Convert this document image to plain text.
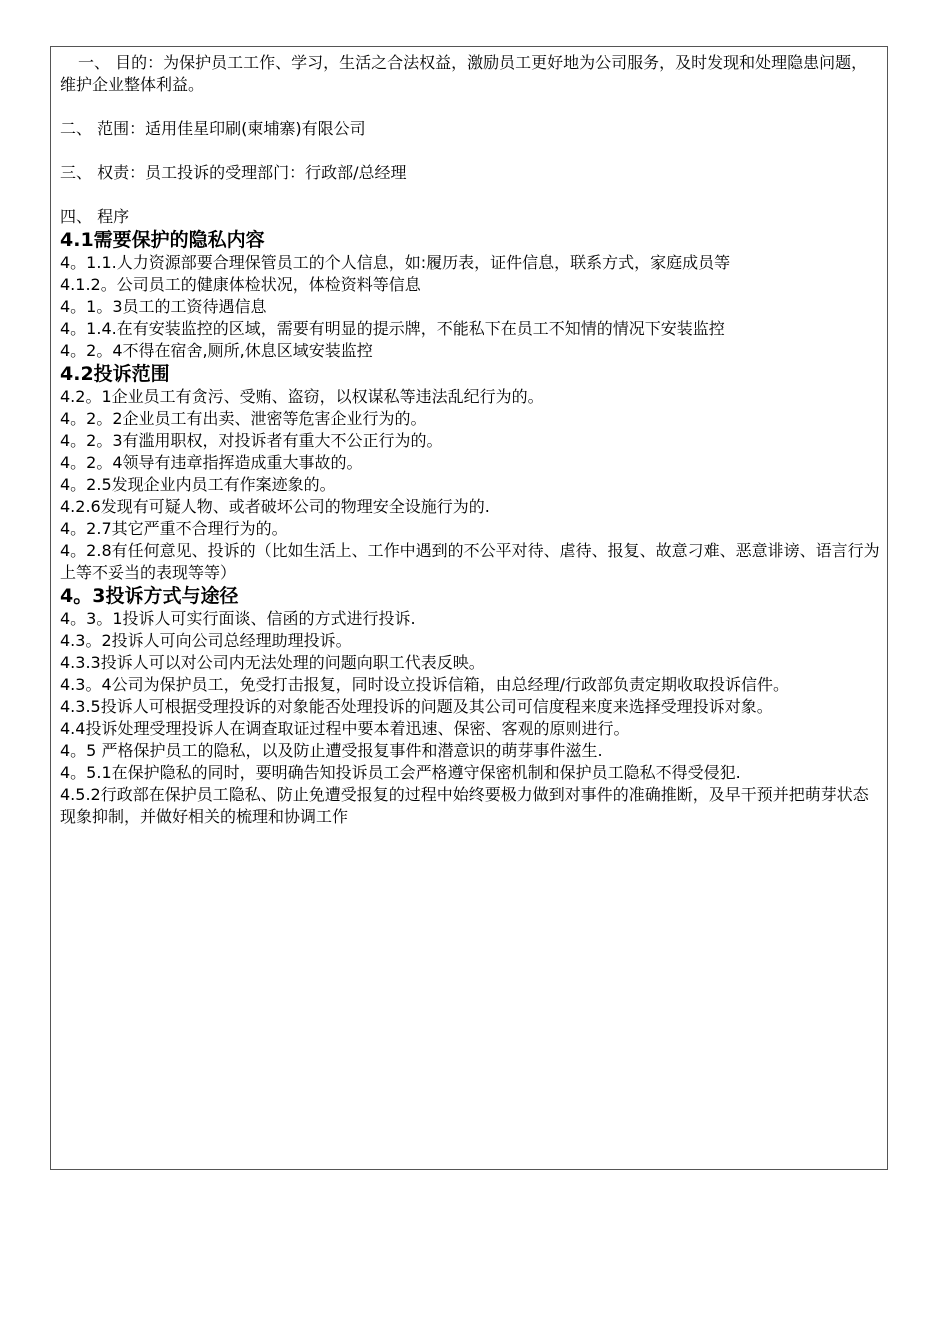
一、 目的：为保护员工工作、学习，生活之合法权益，激励员工更好地为公司服务，及时发现和处理隐患问题，维护企业整体利益。

二、 范围：适用佳星印刷(柬埔寨)有限公司

三、 权责：员工投诉的受理部门：行政部/总经理

四、 程序

4.1需要保护的隐私内容

4。1.1.人力资源部要合理保管员工的个人信息，如:履历表，证件信息，联系方式，家庭成员等

4.1.2。公司员工的健康体检状况，体检资料等信息

4。1。3员工的工资待遇信息

4。1.4.在有安装监控的区域，需要有明显的提示牌，不能私下在员工不知情的情况下安装监控

4。2。4不得在宿舍,厕所,休息区域安装监控

4.2投诉范围

4.2。1企业员工有贪污、受贿、盗窃，以权谋私等违法乱纪行为的。

4。2。2企业员工有出卖、泄密等危害企业行为的。

4。2。3有滥用职权，对投诉者有重大不公正行为的。

4。2。4领导有违章指挥造成重大事故的。

4。2.5发现企业内员工有作案迹象的。

4.2.6发现有可疑人物、或者破坏公司的物理安全设施行为的.

4。2.7其它严重不合理行为的。

4。2.8有任何意见、投诉的（比如生活上、工作中遇到的不公平对待、虐待、报复、故意刁难、恶意诽谤、语言行为上等不妥当的表现等等）

4。3投诉方式与途径

4。3。1投诉人可实行面谈、信函的方式进行投诉.

4.3。2投诉人可向公司总经理助理投诉。

4.3.3投诉人可以对公司内无法处理的问题向职工代表反映。

4.3。4公司为保护员工，免受打击报复，同时设立投诉信箱，由总经理/行政部负责定期收取投诉信件。

4.3.5投诉人可根据受理投诉的对象能否处理投诉的问题及其公司可信度程来度来选择受理投诉对象。

4.4投诉处理受理投诉人在调查取证过程中要本着迅速、保密、客观的原则进行。

4。5 严格保护员工的隐私，以及防止遭受报复事件和潜意识的萌芽事件滋生.

4。5.1在保护隐私的同时，要明确告知投诉员工会严格遵守保密机制和保护员工隐私不得受侵犯.

4.5.2行政部在保护员工隐私、防止免遭受报复的过程中始终要极力做到对事件的准确推断，及早干预并把萌芽状态现象抑制，并做好相关的梳理和协调工作
